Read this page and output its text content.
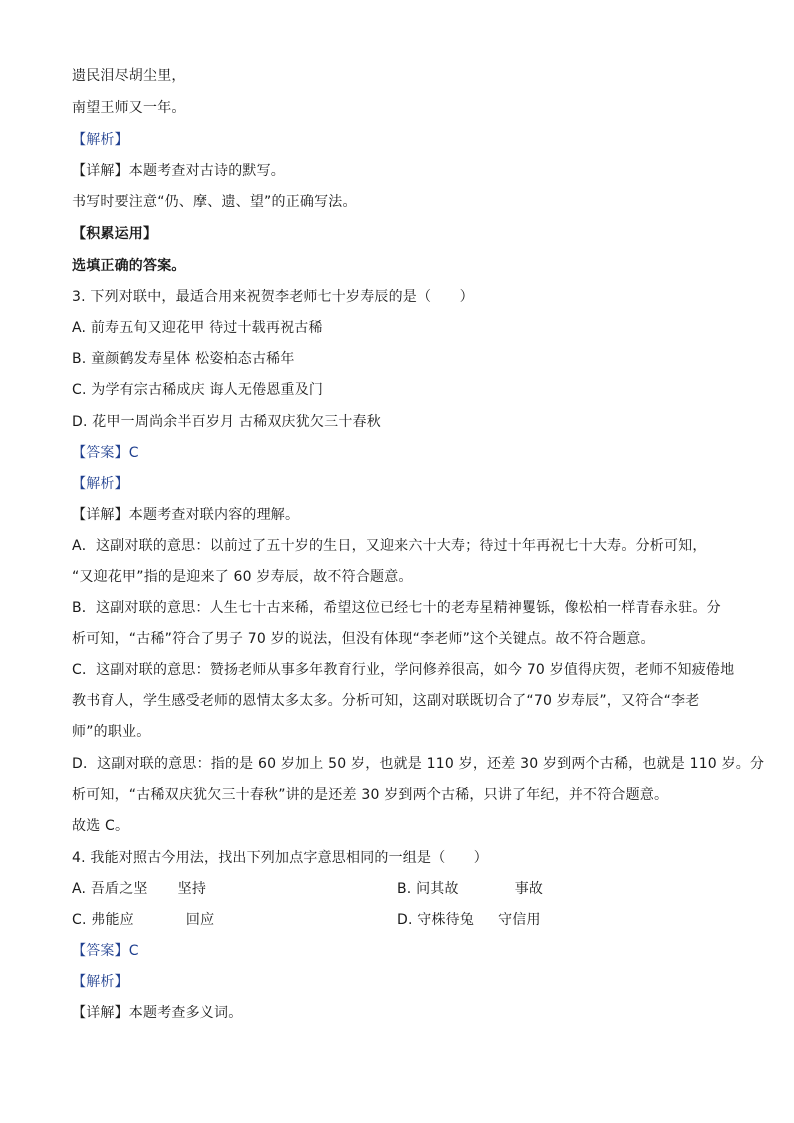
遗民泪尽胡尘里，
南望王师又一年。
【解析】
【详解】本题考查对古诗的默写。
书写时要注意“仍、摩、遗、望”的正确写法。
【积累运用】
选填正确的答案。
3. 下列对联中，最适合用来祝贺李老师七十岁寿辰的是（　　）
A. 前寿五旬又迎花甲 待过十载再祝古稀
B. 童颜鹤发寿星体 松姿柏态古稀年
C. 为学有宗古稀成庆 诲人无倦恩重及门
D. 花甲一周尚余半百岁月 古稀双庆犹欠三十春秋
【答案】C
【解析】
【详解】本题考查对联内容的理解。
A．这副对联的意思：以前过了五十岁的生日，又迎来六十大寿；待过十年再祝七十大寿。分析可知，
“又迎花甲”指的是迎来了 60 岁寿辰，故不符合题意。
B．这副对联的意思：人生七十古来稀，希望这位已经七十的老寿星精神矍铄，像松柏一样青春永驻。分
析可知，“古稀”符合了男子 70 岁的说法，但没有体现“李老师”这个关键点。故不符合题意。
C．这副对联的意思：赞扬老师从事多年教育行业，学问修养很高，如今 70 岁值得庆贺，老师不知疲倦地
教书育人，学生感受老师的恩情太多太多。分析可知，这副对联既切合了“70 岁寿辰”，又符合“李老
师”的职业。
D．这副对联的意思：指的是 60 岁加上 50 岁，也就是 110 岁，还差 30 岁到两个古稀，也就是 110 岁。分
析可知，“古稀双庆犹欠三十春秋”讲的是还差 30 岁到两个古稀，只讲了年纪，并不符合题意。
故选 C。
4. 我能对照古今用法，找出下列加点字意思相同的一组是（　　）
A. 吾盾之坚 坚持	B. 问其故	事故
C. 弗能应	回应	D. 守株待兔 守信用
【答案】C
【解析】
【详解】本题考查多义词。
